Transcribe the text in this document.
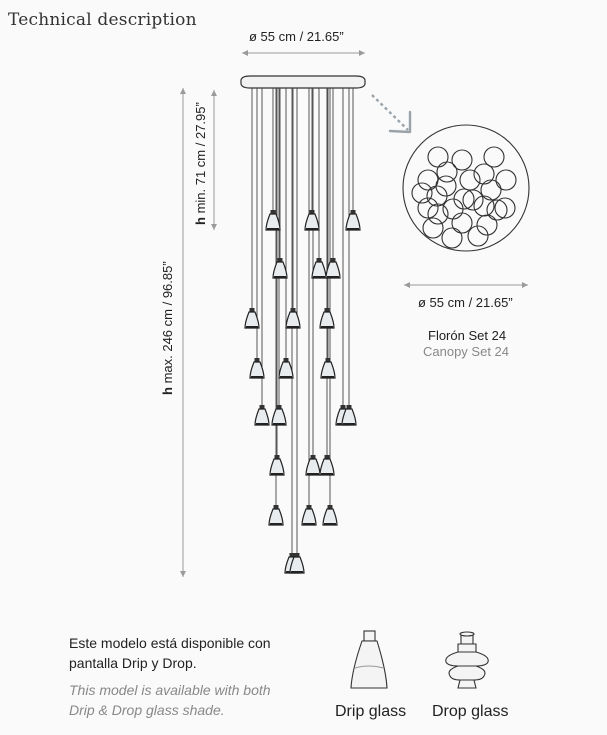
Technical description
ø 55 cm / 21.65”
h min. 71 cm / 27.95”
h max. 246 cm / 96.85”	ø 55 cm / 21.65”
Florón Set 24
Canopy Set 24
Este modelo está disponible con pantalla Drip y Drop.
This model is available with both Drip & Drop glass shade.	Drip glass Drop glass
